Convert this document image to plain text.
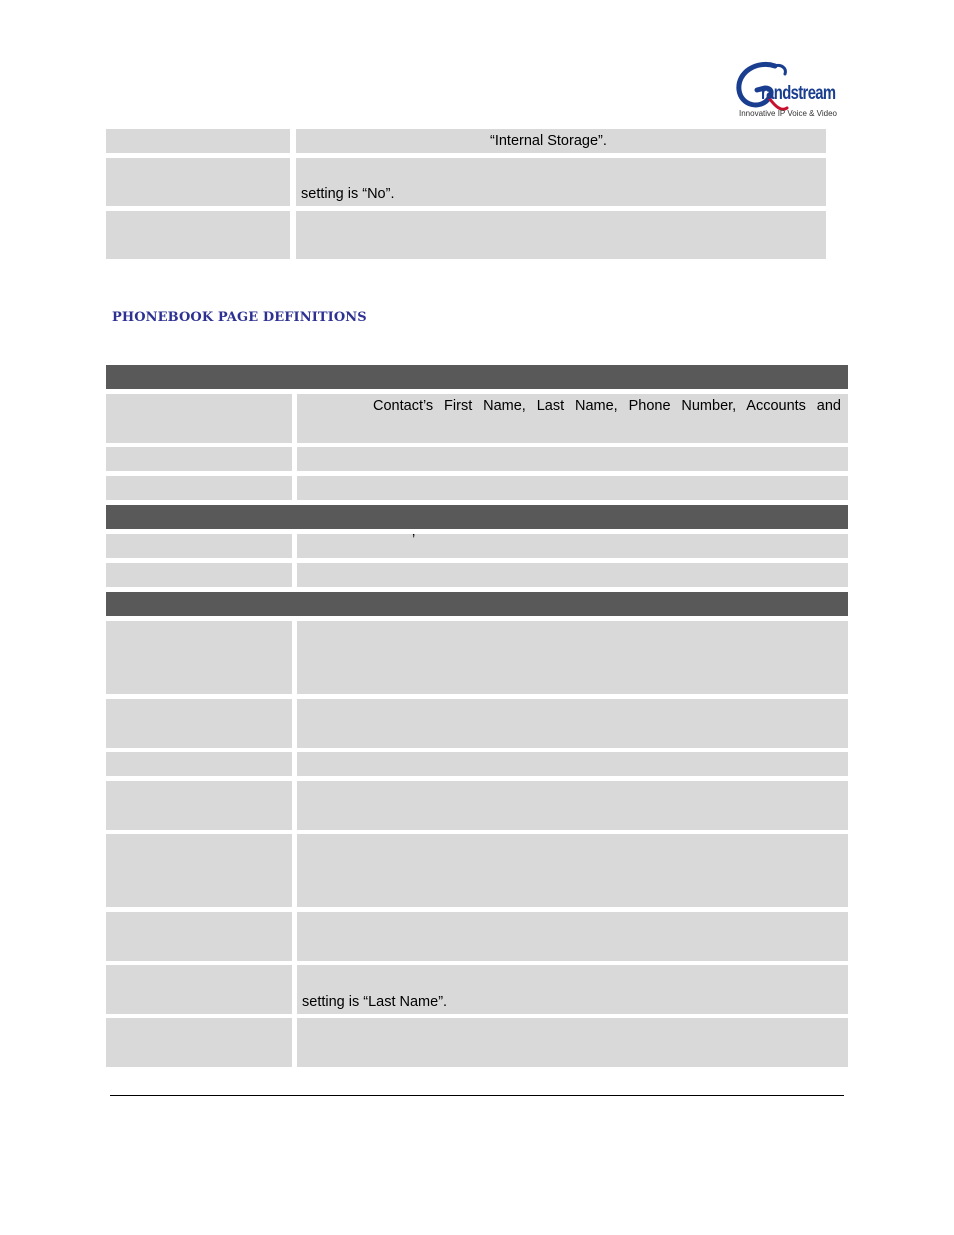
randstream
Innovative IP Voice & Video
“Internal Storage”.
setting is “No”.
PHONEBOOK PAGE DEFINITIONS
Contact’s First Name, Last Name, Phone Number, Accounts and
’
setting is “Last Name”.
